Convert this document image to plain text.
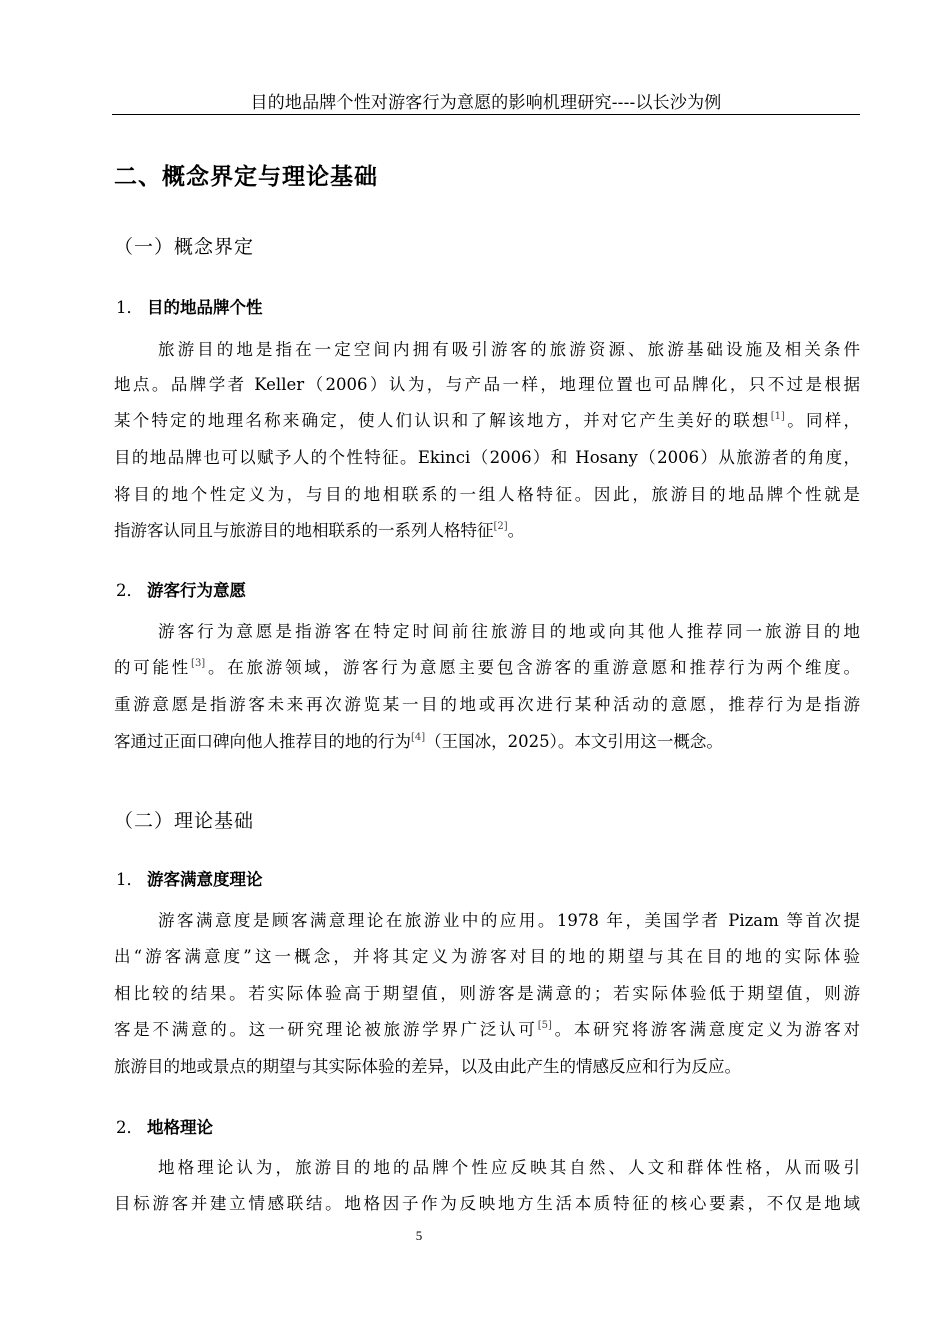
目的地品牌个性对游客行为意愿的影响机理研究----以长沙为例
二、概念界定与理论基础
（一）概念界定
1． 目的地品牌个性
旅游目的地是指在一定空间内拥有吸引游客的旅游资源、旅游基础设施及相关条件
地点。品牌学者 Keller（2006）认为，与产品一样，地理位置也可品牌化，只不过是根据
某个特定的地理名称来确定，使人们认识和了解该地方，并对它产生美好的联想[1]。同样，
目的地品牌也可以赋予人的个性特征。Ekinci（2006）和 Hosany（2006）从旅游者的角度，
将目的地个性定义为，与目的地相联系的一组人格特征。因此，旅游目的地品牌个性就是
指游客认同且与旅游目的地相联系的一系列人格特征[2]。
2． 游客行为意愿
游客行为意愿是指游客在特定时间前往旅游目的地或向其他人推荐同一旅游目的地
的可能性[3]。在旅游领域，游客行为意愿主要包含游客的重游意愿和推荐行为两个维度。
重游意愿是指游客未来再次游览某一目的地或再次进行某种活动的意愿，推荐行为是指游
客通过正面口碑向他人推荐目的地的行为[4]（王国冰，2025）。本文引用这一概念。
（二）理论基础
1． 游客满意度理论
游客满意度是顾客满意理论在旅游业中的应用。1978 年，美国学者 Pizam 等首次提
出“游客满意度”这一概念，并将其定义为游客对目的地的期望与其在目的地的实际体验
相比较的结果。若实际体验高于期望值，则游客是满意的；若实际体验低于期望值，则游
客是不满意的。这一研究理论被旅游学界广泛认可[5]。本研究将游客满意度定义为游客对
旅游目的地或景点的期望与其实际体验的差异，以及由此产生的情感反应和行为反应。
2． 地格理论
地格理论认为，旅游目的地的品牌个性应反映其自然、人文和群体性格，从而吸引
目标游客并建立情感联结。地格因子作为反映地方生活本质特征的核心要素，不仅是地域
5
